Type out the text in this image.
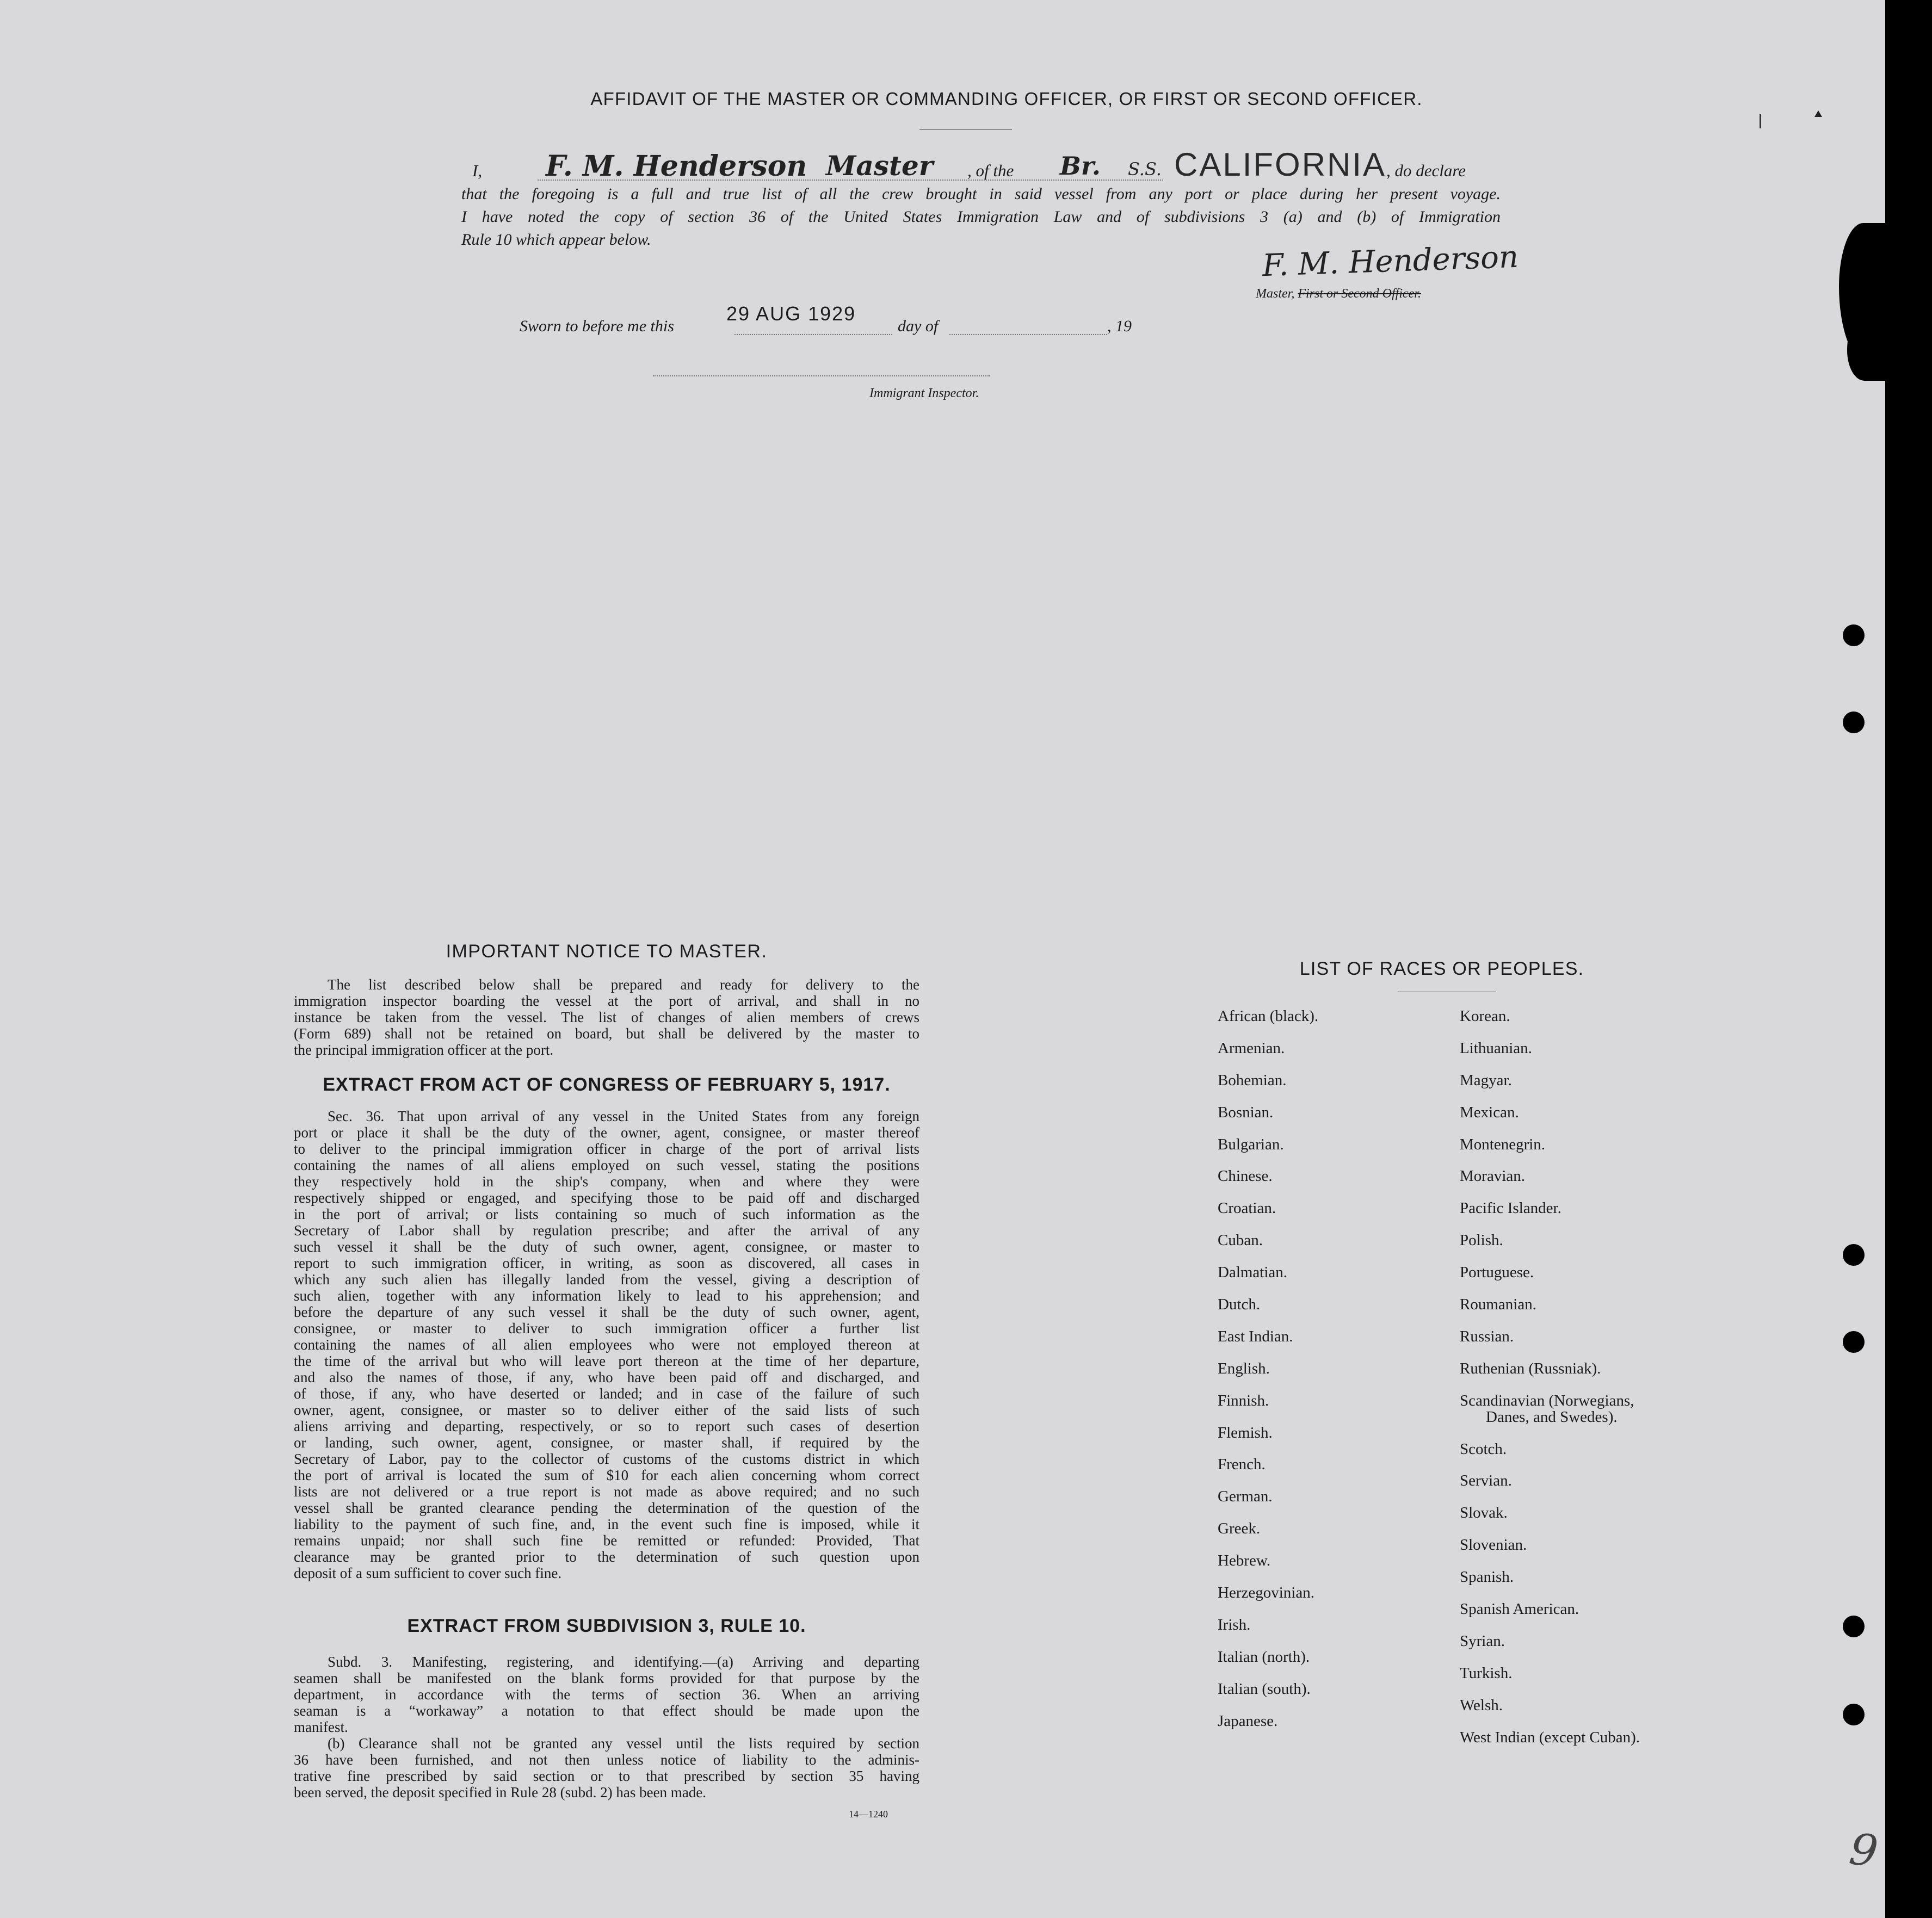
AFFIDAVIT OF THE MASTER OR COMMANDING OFFICER, OR FIRST OR SECOND OFFICER.
I, F. M. Henderson Master , of the Br. S.S. CALIFORNIA , do declare
that the foregoing is a full and true list of all the crew brought in said vessel from any port or place during her present voyage.
I have noted the copy of section 36 of the United States Immigration Law and of subdivisions 3 (a) and (b) of Immigration
Rule 10 which appear below.	F. M. Henderson
Master, First or Second Officer.
Sworn to before me this
29 AUG 1929
day of	, 19
Immigrant Inspector.
IMPORTANT NOTICE TO MASTER.
The list described below shall be prepared and ready for delivery to the
immigration inspector boarding the vessel at the port of arrival, and shall in no
instance be taken from the vessel. The list of changes of alien members of crews
(Form 689) shall not be retained on board, but shall be delivered by the master to
the principal immigration officer at the port.
EXTRACT FROM ACT OF CONGRESS OF FEBRUARY 5, 1917.
Sec. 36. That upon arrival of any vessel in the United States from any foreign
port or place it shall be the duty of the owner, agent, consignee, or master thereof
to deliver to the principal immigration officer in charge of the port of arrival lists
containing the names of all aliens employed on such vessel, stating the positions
they respectively hold in the ship's company, when and where they were
respectively shipped or engaged, and specifying those to be paid off and discharged
in the port of arrival; or lists containing so much of such information as the
Secretary of Labor shall by regulation prescribe; and after the arrival of any
such vessel it shall be the duty of such owner, agent, consignee, or master to
report to such immigration officer, in writing, as soon as discovered, all cases in
which any such alien has illegally landed from the vessel, giving a description of
such alien, together with any information likely to lead to his apprehension; and
before the departure of any such vessel it shall be the duty of such owner, agent,
consignee, or master to deliver to such immigration officer a further list
containing the names of all alien employees who were not employed thereon at
the time of the arrival but who will leave port thereon at the time of her departure,
and also the names of those, if any, who have been paid off and discharged, and
of those, if any, who have deserted or landed; and in case of the failure of such
owner, agent, consignee, or master so to deliver either of the said lists of such
aliens arriving and departing, respectively, or so to report such cases of desertion
or landing, such owner, agent, consignee, or master shall, if required by the
Secretary of Labor, pay to the collector of customs of the customs district in which
the port of arrival is located the sum of $10 for each alien concerning whom correct
lists are not delivered or a true report is not made as above required; and no such
vessel shall be granted clearance pending the determination of the question of the
liability to the payment of such fine, and, in the event such fine is imposed, while it
remains unpaid; nor shall such fine be remitted or refunded: Provided, That
clearance may be granted prior to the determination of such question upon
deposit of a sum sufficient to cover such fine.
EXTRACT FROM SUBDIVISION 3, RULE 10.
Subd. 3. Manifesting, registering, and identifying.—(a) Arriving and departing
seamen shall be manifested on the blank forms provided for that purpose by the
department, in accordance with the terms of section 36. When an arriving
seaman is a “workaway” a notation to that effect should be made upon the
manifest.
(b) Clearance shall not be granted any vessel until the lists required by section
36 have been furnished, and not then unless notice of liability to the adminis-
trative fine prescribed by said section or to that prescribed by section 35 having
been served, the deposit specified in Rule 28 (subd. 2) has been made.
14—1240
LIST OF RACES OR PEOPLES.
African (black).
Armenian.
Bohemian.
Bosnian.
Bulgarian.
Chinese.
Croatian.
Cuban.
Dalmatian.
Dutch.
East Indian.
English.
Finnish.
Flemish.
French.
German.
Greek.
Hebrew.
Herzegovinian.
Irish.
Italian (north).
Italian (south).
Japanese.
Korean.
Lithuanian.
Magyar.
Mexican.
Montenegrin.
Moravian.
Pacific Islander.
Polish.
Portuguese.
Roumanian.
Russian.
Ruthenian (Russniak).
Scandinavian (Norwegians,
Danes, and Swedes).
Scotch.
Servian.
Slovak.
Slovenian.
Spanish.
Spanish American.
Syrian.
Turkish.
Welsh.
West Indian (except Cuban).
9
